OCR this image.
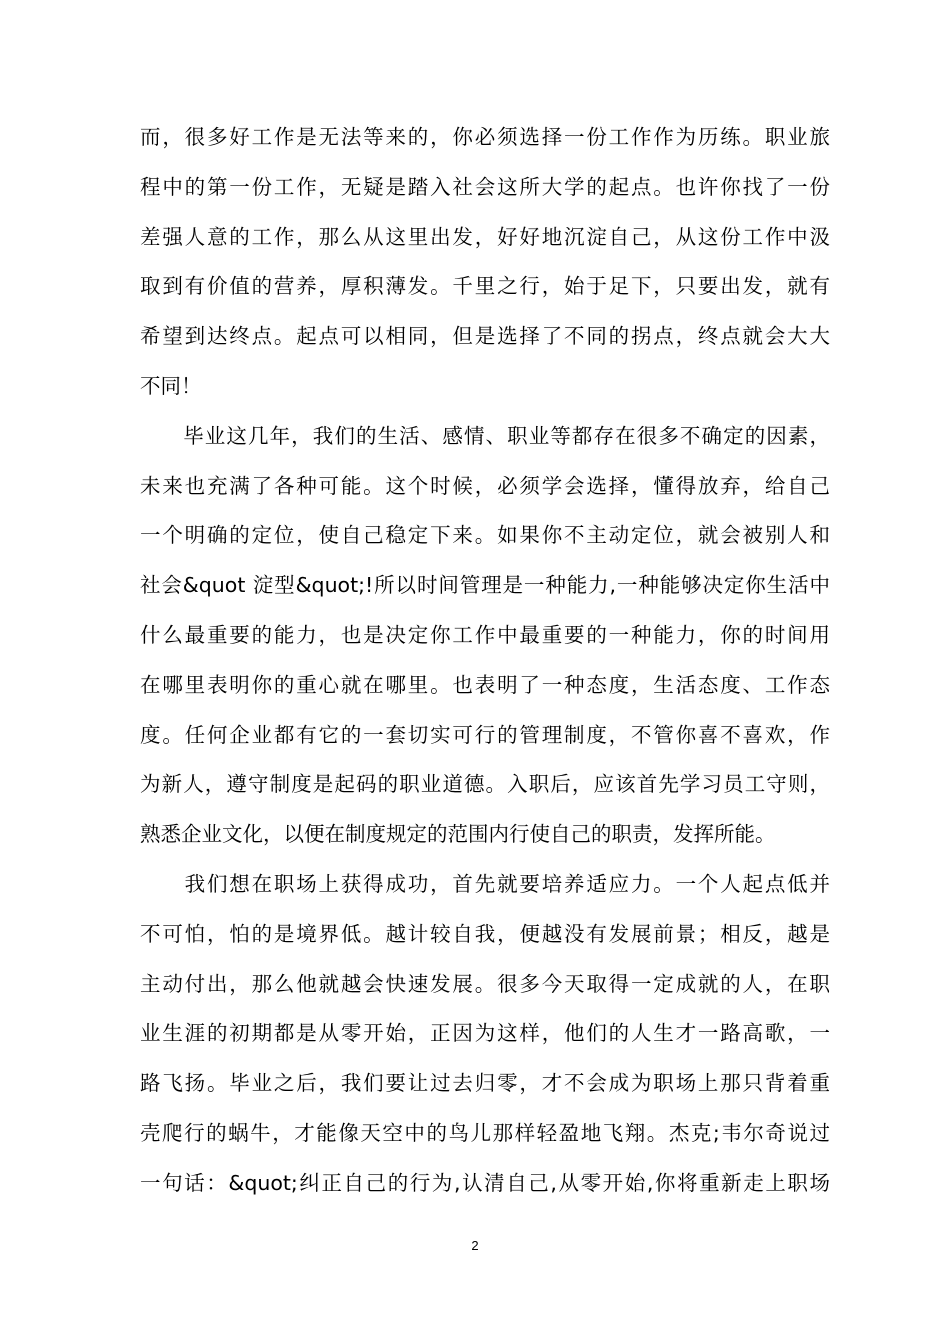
而，很多好工作是无法等来的，你必须选择一份工作作为历练。职业旅
程中的第一份工作，无疑是踏入社会这所大学的起点。也许你找了一份
差强人意的工作，那么从这里出发，好好地沉淀自己，从这份工作中汲
取到有价值的营养，厚积薄发。千里之行，始于足下，只要出发，就有
希望到达终点。起点可以相同，但是选择了不同的拐点，终点就会大大
不同！
　　毕业这几年，我们的生活、感情、职业等都存在很多不确定的因素，
未来也充满了各种可能。这个时候，必须学会选择，懂得放弃，给自己
一个明确的定位，使自己稳定下来。如果你不主动定位，就会被别人和
社会&quot 淀型&quot;!所以时间管理是一种能力,一种能够决定你生活中
什么最重要的能力，也是决定你工作中最重要的一种能力，你的时间用
在哪里表明你的重心就在哪里。也表明了一种态度，生活态度、工作态
度。任何企业都有它的一套切实可行的管理制度，不管你喜不喜欢，作
为新人，遵守制度是起码的职业道德。入职后，应该首先学习员工守则，
熟悉企业文化，以便在制度规定的范围内行使自己的职责，发挥所能。
　　我们想在职场上获得成功，首先就要培养适应力。一个人起点低并
不可怕，怕的是境界低。越计较自我，便越没有发展前景；相反，越是
主动付出，那么他就越会快速发展。很多今天取得一定成就的人，在职
业生涯的初期都是从零开始，正因为这样，他们的人生才一路高歌，一
路飞扬。毕业之后，我们要让过去归零，才不会成为职场上那只背着重
壳爬行的蜗牛，才能像天空中的鸟儿那样轻盈地飞翔。杰克;韦尔奇说过
一句话：&quot;纠正自己的行为,认清自己,从零开始,你将重新走上职场
2
